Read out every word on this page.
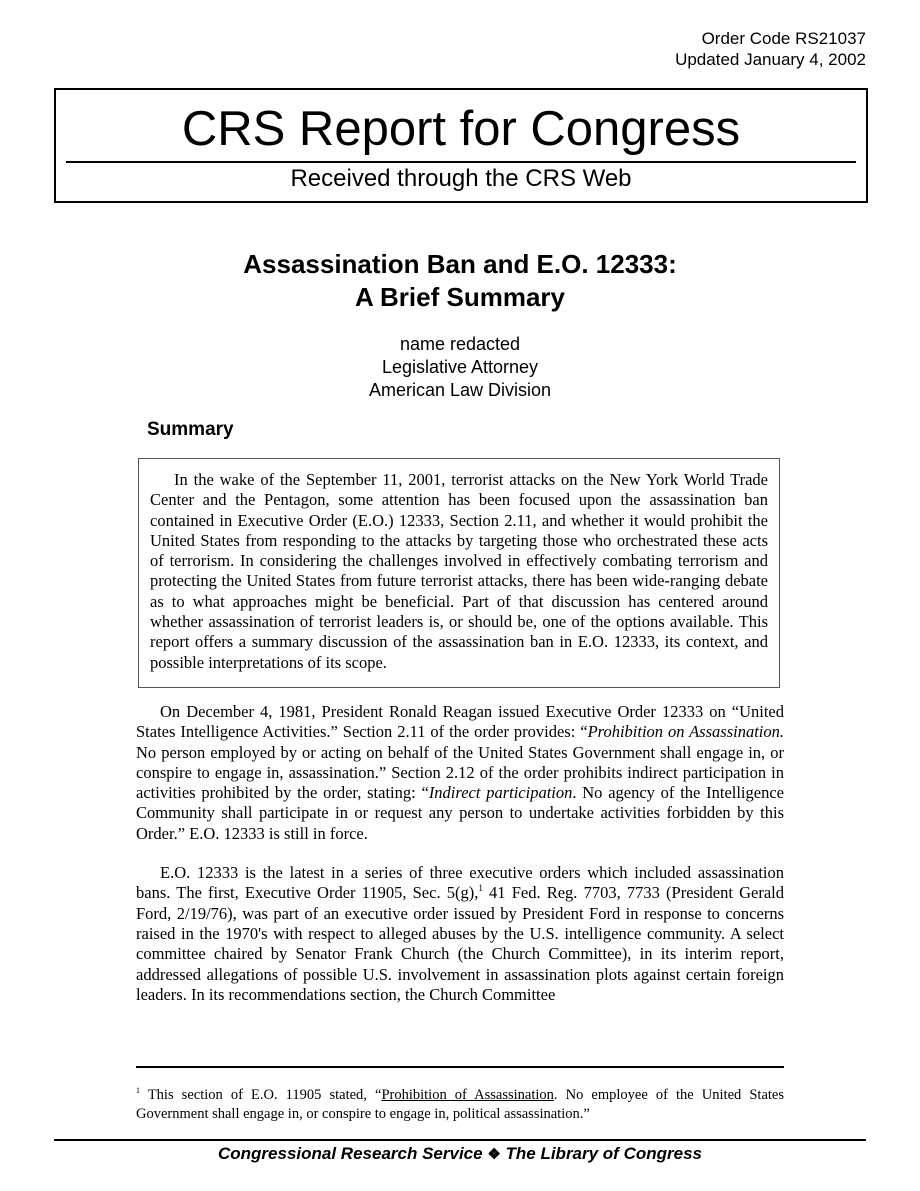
Order Code RS21037
Updated January 4, 2002
CRS Report for Congress
Received through the CRS Web
Assassination Ban and E.O. 12333:
A Brief Summary
name redacted
Legislative Attorney
American Law Division
Summary

In the wake of the September 11, 2001, terrorist attacks on the New York World Trade Center and the Pentagon, some attention has been focused upon the assassination ban contained in Executive Order (E.O.) 12333, Section 2.11, and whether it would prohibit the United States from responding to the attacks by targeting those who orchestrated these acts of terrorism. In considering the challenges involved in effectively combating terrorism and protecting the United States from future terrorist attacks, there has been wide-ranging debate as to what approaches might be beneficial. Part of that discussion has centered around whether assassination of terrorist leaders is, or should be, one of the options available. This report offers a summary discussion of the assassination ban in E.O. 12333, its context, and possible interpretations of its scope.

On December 4, 1981, President Ronald Reagan issued Executive Order 12333 on “United States Intelligence Activities.” Section 2.11 of the order provides: “Prohibition on Assassination. No person employed by or acting on behalf of the United States Government shall engage in, or conspire to engage in, assassination.” Section 2.12 of the order prohibits indirect participation in activities prohibited by the order, stating: “Indirect participation. No agency of the Intelligence Community shall participate in or request any person to undertake activities forbidden by this Order.” E.O. 12333 is still in force.

E.O. 12333 is the latest in a series of three executive orders which included assassination bans. The first, Executive Order 11905, Sec. 5(g),$^1$ 41 Fed. Reg. 7703, 7733 (President Gerald Ford, 2/19/76), was part of an executive order issued by President Ford in response to concerns raised in the 1970's with respect to alleged abuses by the U.S. intelligence community. A select committee chaired by Senator Frank Church (the Church Committee), in its interim report, addressed allegations of possible U.S. involvement in assassination plots against certain foreign leaders. In its recommendations section, the Church Committee

$^1$ This section of E.O. 11905 stated, “Prohibition of Assassination. No employee of the United States Government shall engage in, or conspire to engage in, political assassination.”
Congressional Research Service ❖ The Library of Congress
